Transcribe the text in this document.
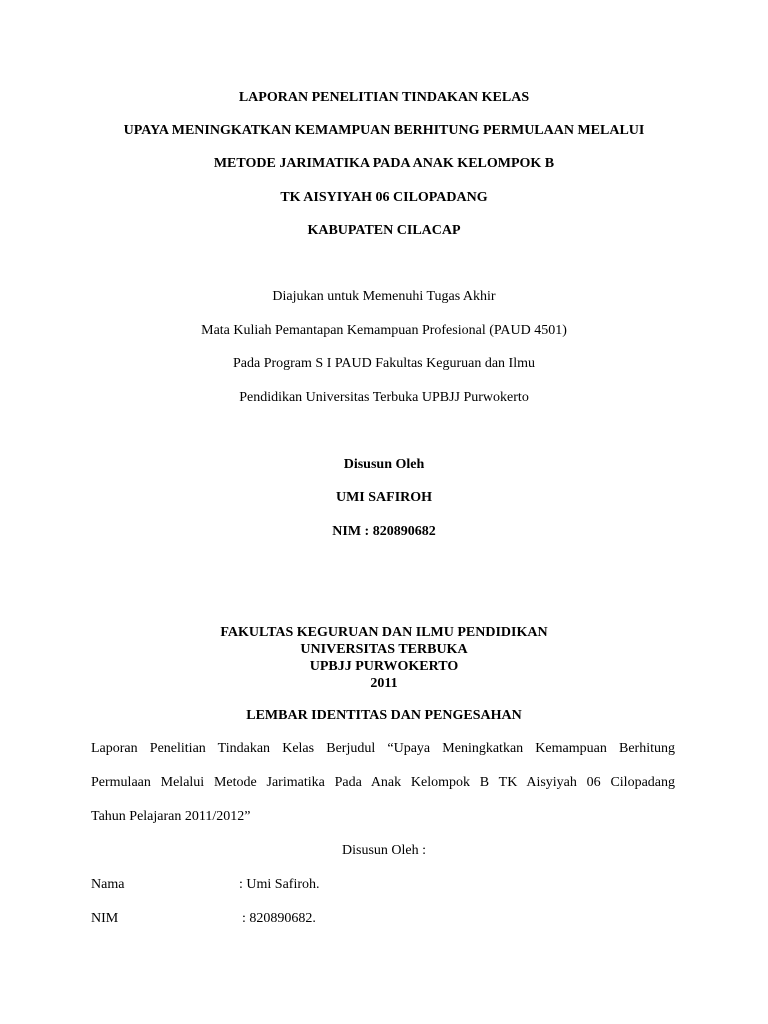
LAPORAN PENELITIAN TINDAKAN KELAS
UPAYA MENINGKATKAN KEMAMPUAN BERHITUNG PERMULAAN MELALUI
METODE JARIMATIKA PADA ANAK KELOMPOK B
TK AISYIYAH 06 CILOPADANG
KABUPATEN CILACAP
Diajukan untuk Memenuhi Tugas Akhir
Mata Kuliah Pemantapan Kemampuan Profesional (PAUD 4501)
Pada Program S I PAUD Fakultas Keguruan dan Ilmu
Pendidikan Universitas Terbuka UPBJJ Purwokerto
Disusun Oleh
UMI SAFIROH
NIM : 820890682
FAKULTAS KEGURUAN DAN ILMU PENDIDIKAN
UNIVERSITAS TERBUKA
UPBJJ PURWOKERTO
2011
LEMBAR IDENTITAS DAN PENGESAHAN
Laporan Penelitian Tindakan Kelas Berjudul “Upaya Meningkatkan Kemampuan Berhitung
Permulaan Melalui Metode Jarimatika Pada Anak Kelompok B TK Aisyiyah 06 Cilopadang
Tahun Pelajaran 2011/2012”
Disusun Oleh :
Nama	: Umi Safiroh.
NIM	: 820890682.
